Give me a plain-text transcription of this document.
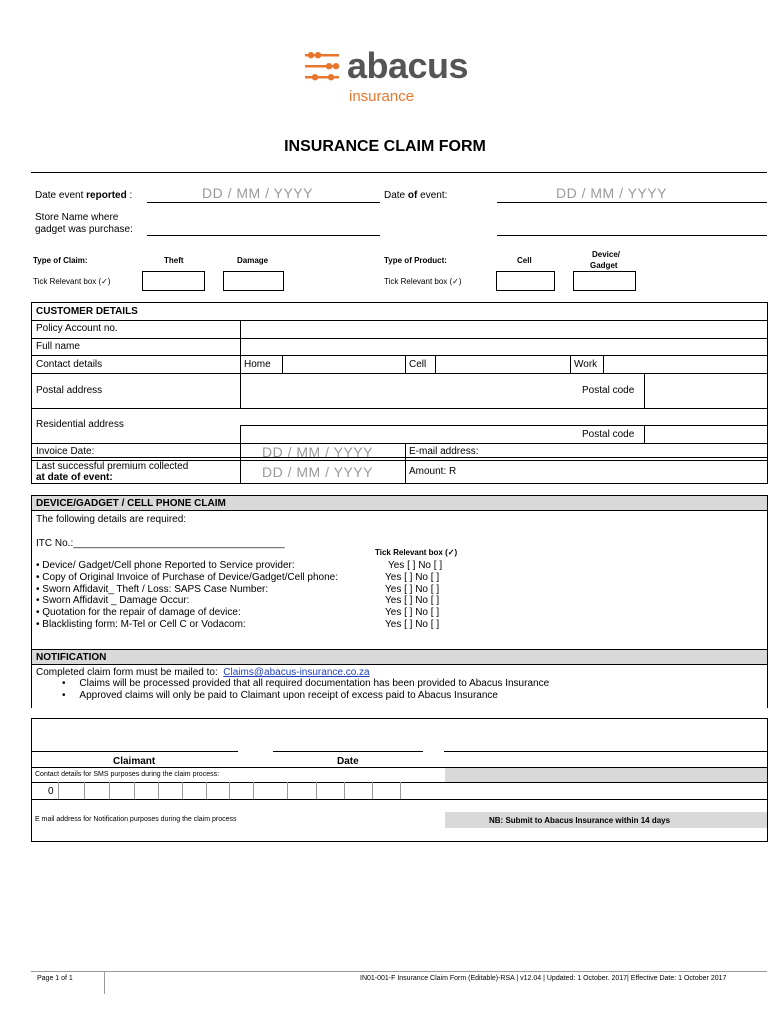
abacus
insurance
INSURANCE CLAIM FORM
Date event reported :	DD / MM / YYYY	Date of event:	DD / MM / YYYY
Store Name where
gadget was purchase:
Type of Claim:	Theft	Damage	Type of Product:	Cell
Device/
Gadget
Tick Relevant box (✓)	Tick Relevant box (✓)
CUSTOMER DETAILS
Policy Account no.
Full name
Contact details	Home	Cell	Work
Postal address	Postal code
Residential address
Postal code
Invoice Date:	DD / MM / YYYY	E-mail address:
Last successful premium collected
at date of event:	DD / MM / YYYY	Amount: R
DEVICE/GADGET / CELL PHONE CLAIM
The following details are required:
ITC No.:______________________________________
Tick Relevant box (✓)
• Device/ Gadget/Cell phone Reported to Service provider:	Yes [ ] No [ ]
• Copy of Original Invoice of Purchase of Device/Gadget/Cell phone:	Yes [ ] No [ ]
• Sworn Affidavit_ Theft / Loss: SAPS Case Number:	Yes [ ] No [ ]
• Sworn Affidavit _ Damage Occur:	Yes [ ] No [ ]
• Quotation for the repair of damage of device:	Yes [ ] No [ ]
• Blacklisting form: M-Tel or Cell C or Vodacom:	Yes [ ] No [ ]
NOTIFICATION
Completed claim form must be mailed to: Claims@abacus-insurance.co.za
•     Claims will be processed provided that all required documentation has been provided to Abacus Insurance
•     Approved claims will only be paid to Claimant upon receipt of excess paid to Abacus Insurance
Claimant	Date
Contact details for SMS purposes during the claim process:
0
E mail address for Notification purposes during the claim process	NB: Submit to Abacus Insurance within 14 days
Page 1 of 1	IN01-001-F Insurance Claim Form (Editable)-RSA | v12.04 | Updated: 1 October. 2017| Effective Date: 1 October 2017
